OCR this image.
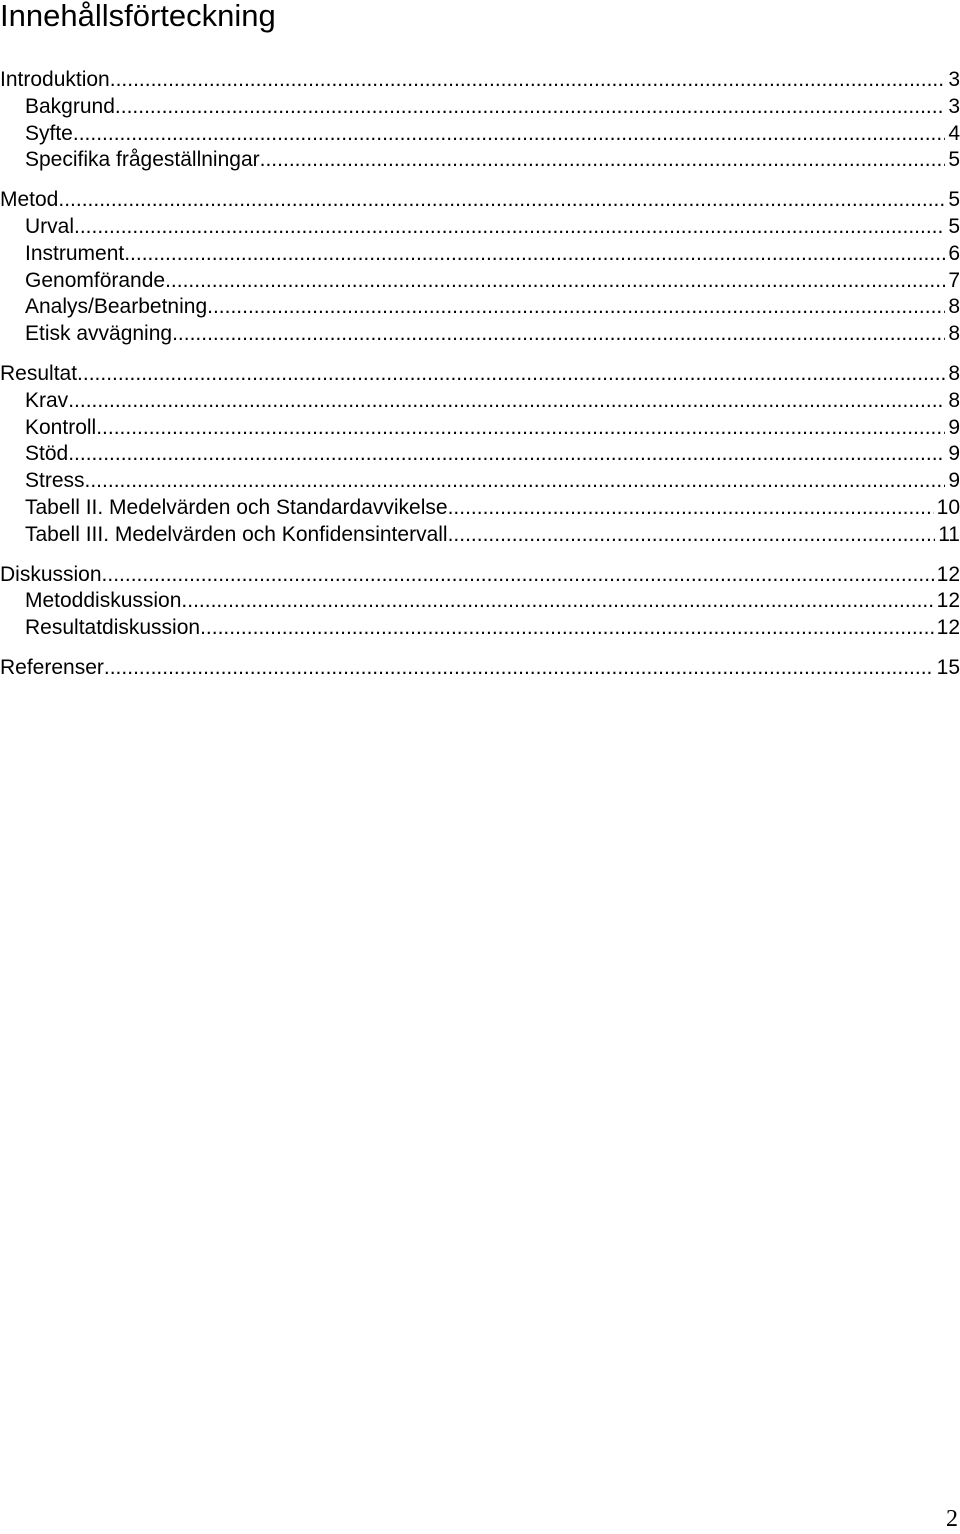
Innehållsförteckning
Introduktion .....	3
Bakgrund .....	3
Syfte .....	4
Specifika frågeställningar .....	5
Metod .....	5
Urval .....	5
Instrument .....	6
Genomförande .....	7
Analys/Bearbetning .....	8
Etisk avvägning .....	8
Resultat .....	8
Krav .....	8
Kontroll .....	9
Stöd .....	9
Stress .....	9
Tabell II. Medelvärden och Standardavvikelse .....	10
Tabell III. Medelvärden och Konfidensintervall .....	11
Diskussion .....	12
Metoddiskussion .....	12
Resultatdiskussion .....	12
Referenser .....	15
2
